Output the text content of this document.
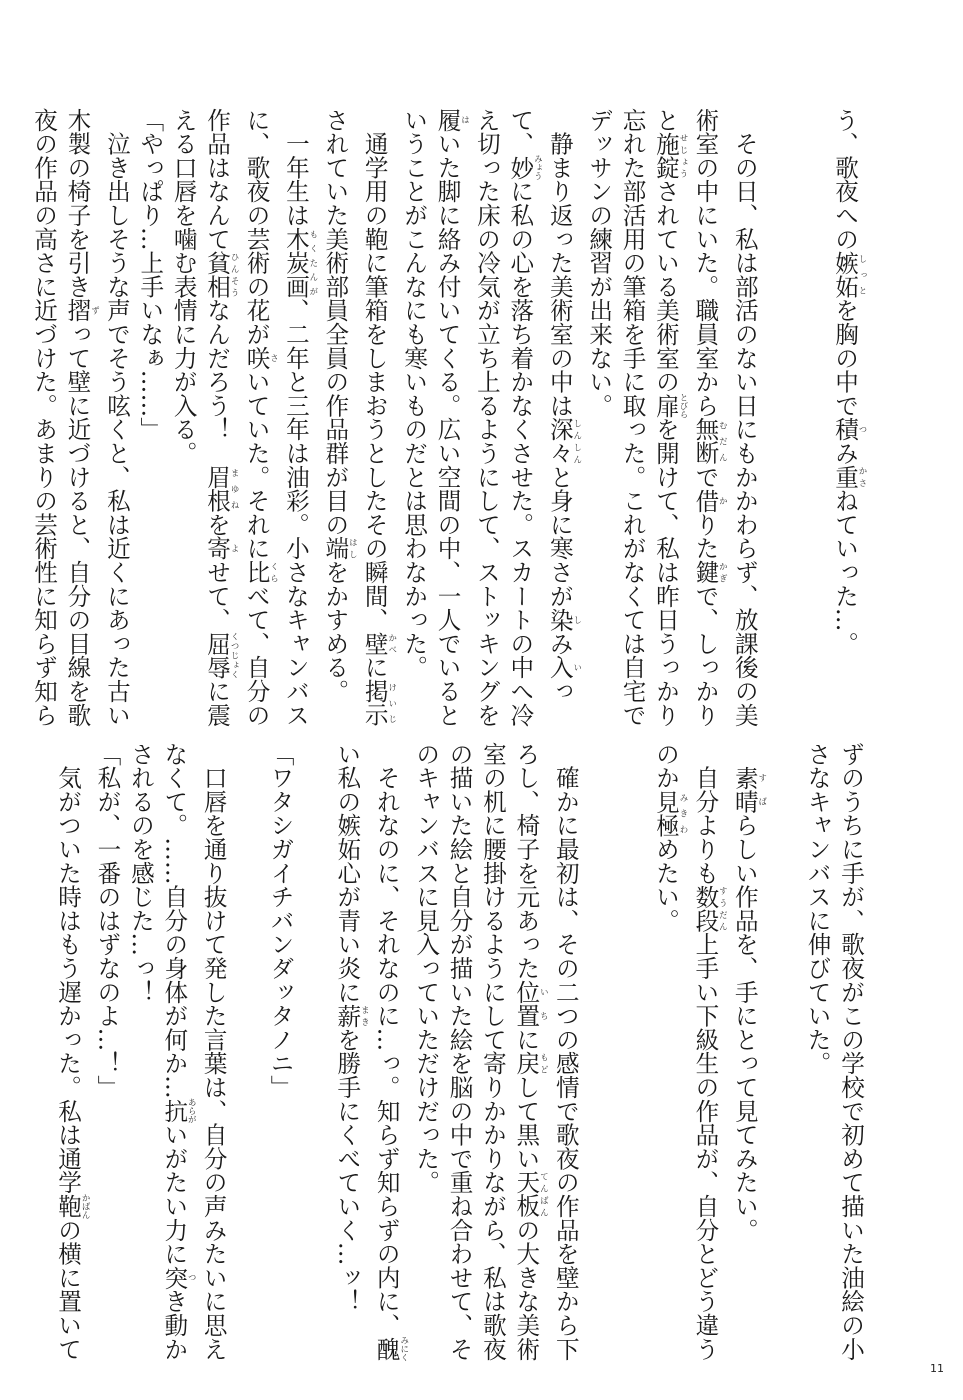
う、歌夜への嫉妬しっとを胸の中で積つみ重かさねていった…。
　その日、私は部活のない日にもかかわらず、放課後の美
術室の中にいた。職員室から無断むだんで借かりた鍵かぎで、しっかり
と施錠せじょうされている美術室の扉とびらを開けて、私は昨日うっかり
忘れた部活用の筆箱を手に取った。これがなくては自宅で
デッサンの練習が出来ない。
　静まり返った美術室の中は深々しんしんと身に寒さが染しみ入いっ
て、妙みょうに私の心を落ち着かなくさせた。スカートの中へ冷
え切った床の冷気が立ち上るようにして、ストッキングを
履はいた脚に絡み付いてくる。広い空間の中、一人でいると
いうことがこんなにも寒いものだとは思わなかった。
　通学用の鞄に筆箱をしまおうとしたその瞬間、壁かべに掲示けいじ
されていた美術部員全員の作品群が目の端はしをかすめる。
　一年生は木炭画もくたんが、二年と三年は油彩。小さなキャンバス
に、歌夜の芸術の花が咲さいていた。それに比くらべて、自分の
作品はなんて貧相ひんそうなんだろう！　眉根まゆねを寄よせて、屈辱くつじょくに震
える口唇を噛む表情に力が入る。
「やっぱり…上手いなぁ……」
　泣き出しそうな声でそう呟くと、私は近くにあった古い
木製の椅子を引き摺ずって壁に近づけると、自分の目線を歌
夜の作品の高さに近づけた。あまりの芸術性に知らず知ら
ずのうちに手が、歌夜がこの学校で初めて描いた油絵の小
さなキャンバスに伸びていた。
　素晴すばらしい作品を、手にとって見てみたい。
　自分よりも数段すうだん上手い下級生の作品が、自分とどう違う
のか見極みきわめたい。
　確かに最初は、その二つの感情で歌夜の作品を壁から下
ろし、椅子を元あった位置いちに戻もどして黒い天板てんばんの大きな美術
室の机に腰掛けるようにして寄りかかりながら、私は歌夜
の描いた絵と自分が描いた絵を脳の中で重ね合わせて、そ
のキャンバスに見入っていただけだった。
　それなのに、それなのに…っ。知らず知らずの内に、醜みにく
い私の嫉妬心が青い炎に薪まきを勝手にくべていく…ッ！
「ワタシガイチバンダッタノニ」
　口唇を通り抜けて発した言葉は、自分の声みたいに思え
なくて。……自分の身体が何か…抗あらがいがたい力に突つき動か
されるのを感じた…っ！
「私が、一番のはずなのよ…！」
　気がついた時はもう遅かった。私は通学鞄かばんの横に置いて
11
